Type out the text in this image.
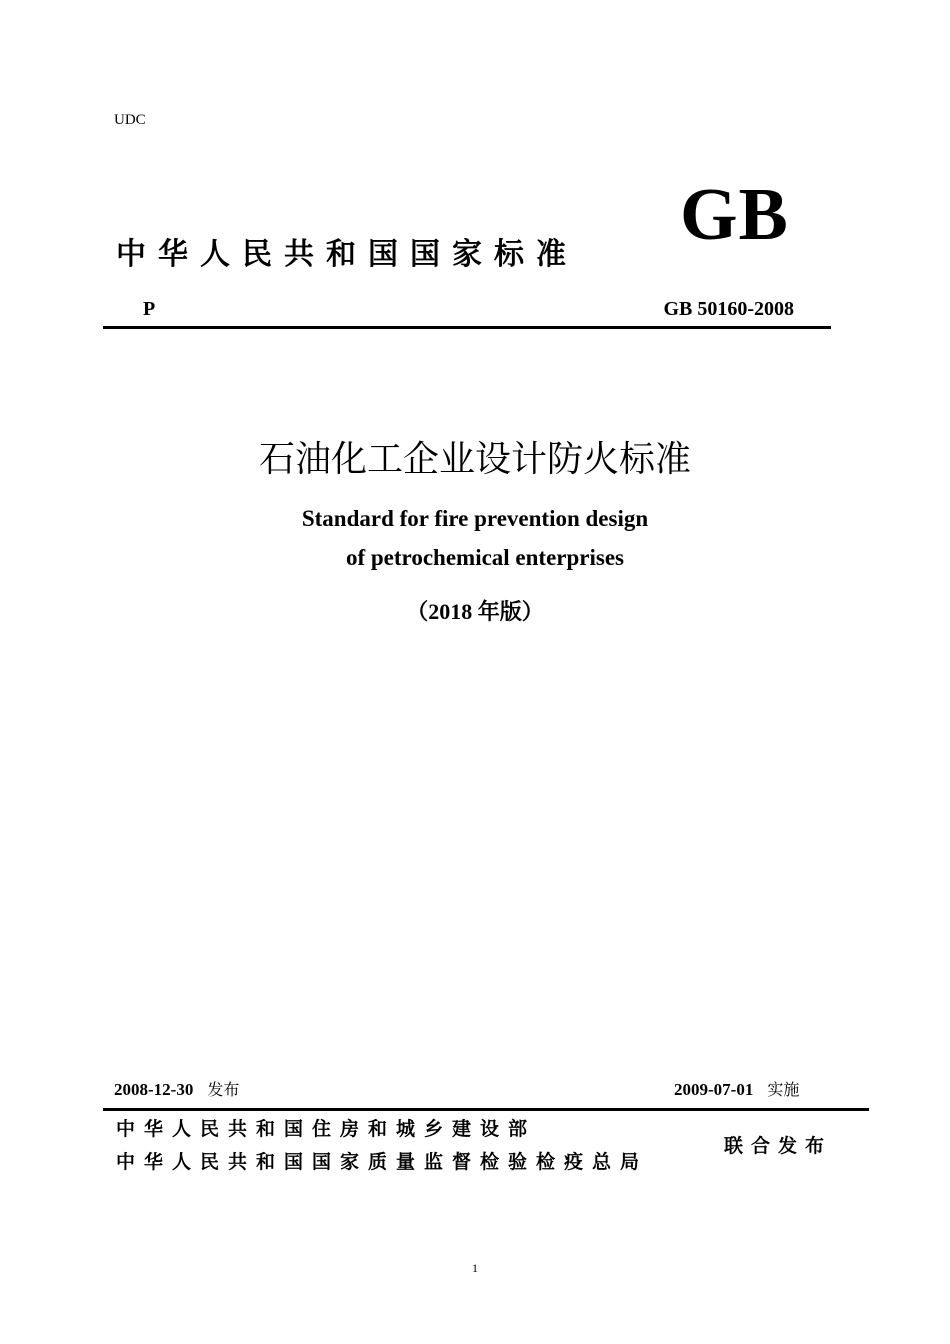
UDC
GB
中华人民共和国国家标准
P	GB 50160-2008
石油化工企业设计防火标准
Standard for fire prevention design
of petrochemical enterprises
（2018 年版）
2008-12-30 发布	2009-07-01 实施
中华人民共和国住房和城乡建设部
中华人民共和国国家质量监督检验检疫总局
联合发布
1
